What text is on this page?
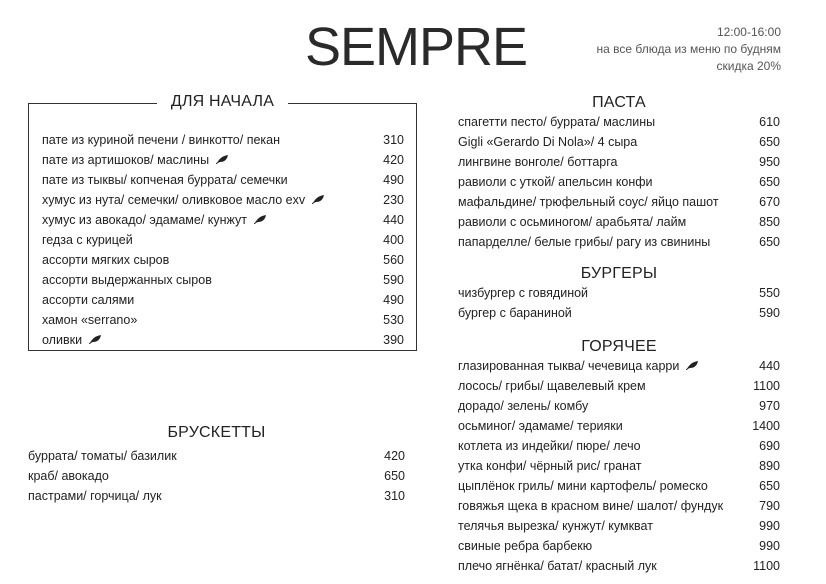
SEMPRE	12:00-16:00
на все блюда из меню по будням
скидка 20%
ДЛЯ НАЧАЛА
пате из куриной печени / винкотто/ пекан	310
пате из артишоков/ маслины	420
пате из тыквы/ копченая буррата/ семечки	490
хумус из нута/ семечки/ оливковое масло exv	230
хумус из авокадо/ эдамаме/ кунжут	440
гедза с курицей	400
ассорти мягких сыров	560
ассорти выдержанных сыров	590
ассорти салями	490
хамон «serrano»	530
оливки	390
БРУСКЕТТЫ
буррата/ томаты/ базилик	420
краб/ авокадо	650
пастрами/ горчица/ лук	310
ПАСТА
спагетти песто/ буррата/ маслины	610
Gigli «Gerardo Di Nola»/ 4 сыра	650
лингвине вонголе/ боттарга	950
равиоли с уткой/ апельсин конфи	650
мафальдине/ трюфельный соус/ яйцо пашот	670
равиоли с осьминогом/ арабьята/ лайм	850
папарделле/ белые грибы/ рагу из свинины	650
БУРГЕРЫ
чизбургер с говядиной	550
бургер с бараниной	590
ГОРЯЧЕЕ
глазированная тыква/ чечевица карри	440
лосось/ грибы/ щавелевый крем	1100
дорадо/ зелень/ комбу	970
осьминог/ эдамаме/ терияки	1400
котлета из индейки/ пюре/ лечо	690
утка конфи/ чёрный рис/ гранат	890
цыплёнок гриль/ мини картофель/ ромеско	650
говяжья щека в красном вине/ шалот/ фундук	790
телячья вырезка/ кунжут/ кумкват	990
свиные ребра барбекю	990
плечо ягнёнка/ батат/ красный лук	1100
